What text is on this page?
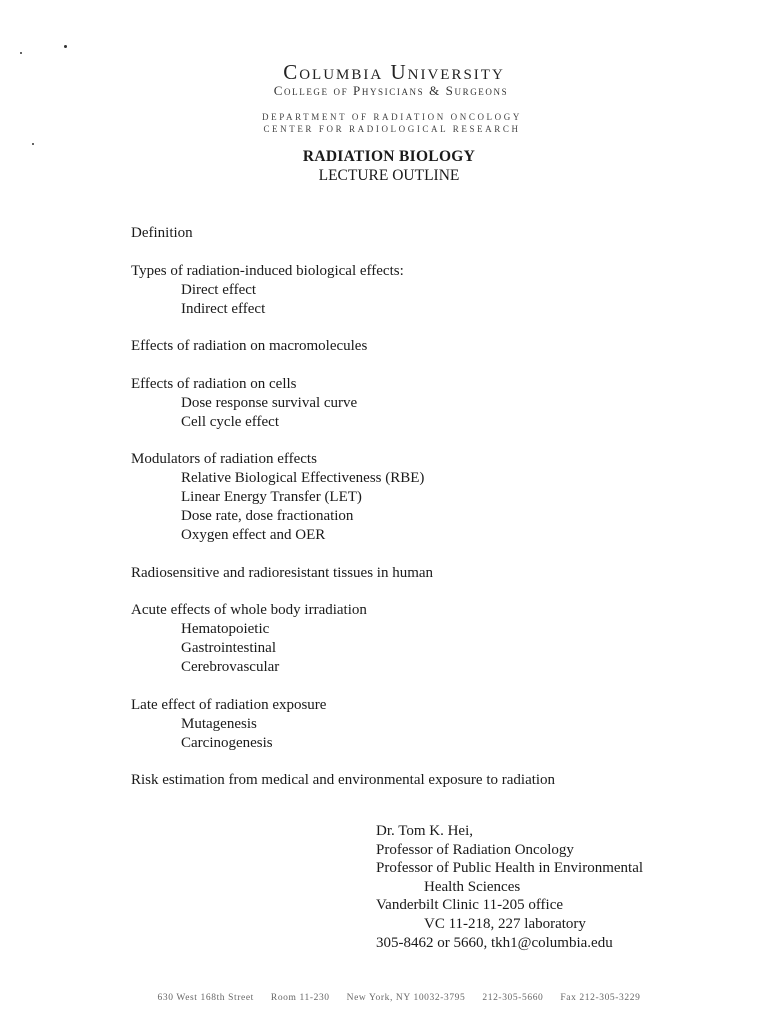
Columbia University
College of Physicians & Surgeons
DEPARTMENT OF RADIATION ONCOLOGY
CENTER FOR RADIOLOGICAL RESEARCH
RADIATION BIOLOGY
LECTURE OUTLINE
Definition
Types of radiation-induced biological effects:
Direct effect
Indirect effect
Effects of radiation on macromolecules
Effects of radiation on cells
Dose response survival curve
Cell cycle effect
Modulators of radiation effects
Relative Biological Effectiveness (RBE)
Linear Energy Transfer (LET)
Dose rate, dose fractionation
Oxygen effect and OER
Radiosensitive and radioresistant tissues in human
Acute effects of whole body irradiation
Hematopoietic
Gastrointestinal
Cerebrovascular
Late effect of radiation exposure
Mutagenesis
Carcinogenesis
Risk estimation from medical and environmental exposure to radiation
Dr. Tom K. Hei,
Professor of Radiation Oncology
Professor of Public Health in Environmental
Health Sciences
Vanderbilt Clinic 11-205 office
VC 11-218, 227 laboratory
305-8462 or 5660, tkh1@columbia.edu
630 West 168th Street Room 11-230 New York, NY 10032-3795 212-305-5660 Fax 212-305-3229
